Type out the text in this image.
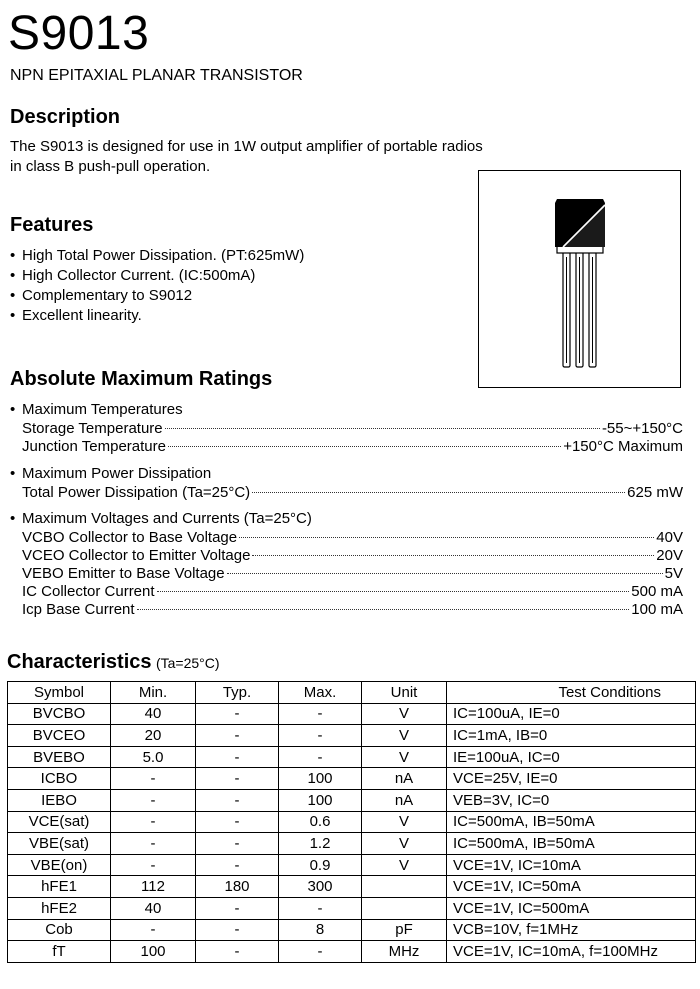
S9013
NPN EPITAXIAL PLANAR TRANSISTOR
Description
The S9013 is designed for use in 1W output amplifier of portable radios
in class B push-pull operation.
Features
• High Total Power Dissipation. (PT:625mW)
• High Collector Current. (IC:500mA)
• Complementary to S9012
• Excellent linearity.
Absolute Maximum Ratings
• Maximum Temperatures
Storage Temperature	-55~+150°C
Junction Temperature	+150°C Maximum
• Maximum Power Dissipation
Total Power Dissipation (Ta=25°C)	625 mW
• Maximum Voltages and Currents (Ta=25°C)
VCBO Collector to Base Voltage	40V
VCEO Collector to Emitter Voltage	20V
VEBO Emitter to Base Voltage	5V
IC Collector Current	500 mA
Icp Base Current	100 mA
Characteristics (Ta=25°C)
Symbol	Min.	Typ.	Max.	Unit	Test Conditions
BVCBO	40	-	-	V	IC=100uA, IE=0
BVCEO	20	-	-	V	IC=1mA, IB=0
BVEBO	5.0	-	-	V	IE=100uA, IC=0
ICBO	-	-	100	nA	VCE=25V, IE=0
IEBO	-	-	100	nA	VEB=3V, IC=0
VCE(sat)	-	-	0.6	V	IC=500mA, IB=50mA
VBE(sat)	-	-	1.2	V	IC=500mA, IB=50mA
VBE(on)	-	-	0.9	V	VCE=1V, IC=10mA
hFE1	112	180	300		VCE=1V, IC=50mA
hFE2	40	-	-		VCE=1V, IC=500mA
Cob	-	-	8	pF	VCB=10V, f=1MHz
fT	100	-	-	MHz	VCE=1V, IC=10mA, f=100MHz
